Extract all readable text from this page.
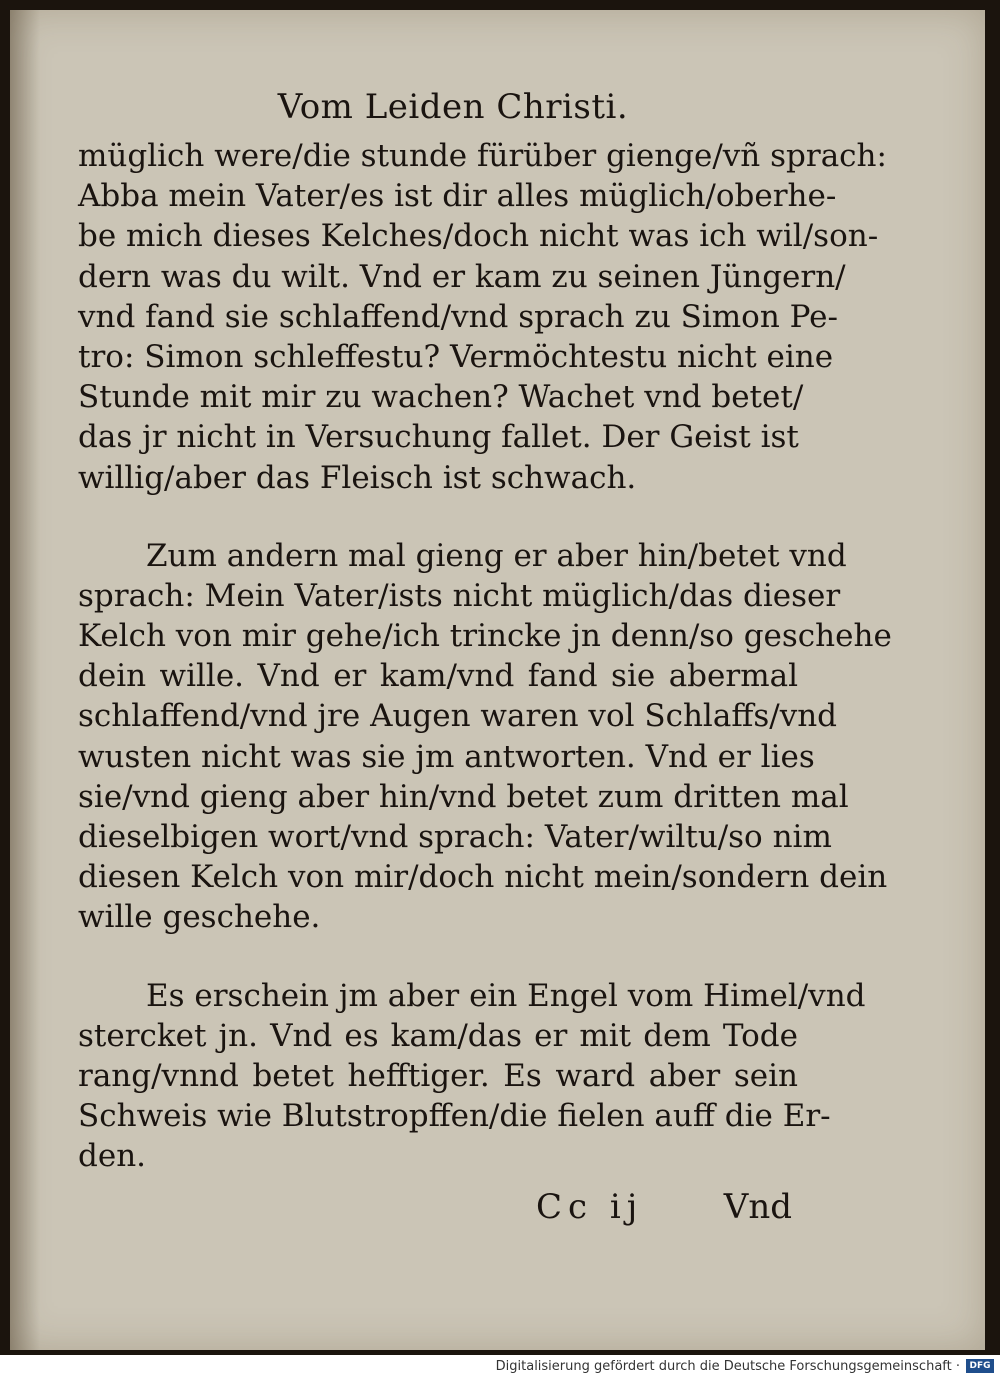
Vom Leiden Christi.
müglich were/die stunde fürüber gienge/vñ sprach:
Abba mein Vater/es ist dir alles müglich/oberhe-
be mich dieses Kelches/doch nicht was ich wil/son-
dern was du wilt. Vnd er kam zu seinen Jüngern/
vnd fand sie schlaffend/vnd sprach zu Simon Pe-
tro: Simon schleffestu? Vermöchtestu nicht eine
Stunde mit mir zu wachen? Wachet vnd betet/
das jr nicht in Versuchung fallet. Der Geist ist
willig/aber das Fleisch ist schwach.
Zum andern mal gieng er aber hin/betet vnd
sprach: Mein Vater/ists nicht müglich/das dieser
Kelch von mir gehe/ich trincke jn denn/so geschehe
dein wille. Vnd er kam/vnd fand sie abermal
schlaffend/vnd jre Augen waren vol Schlaffs/vnd
wusten nicht was sie jm antworten. Vnd er lies
sie/vnd gieng aber hin/vnd betet zum dritten mal
dieselbigen wort/vnd sprach: Vater/wiltu/so nim
diesen Kelch von mir/doch nicht mein/sondern dein
wille geschehe.
Es erschein jm aber ein Engel vom Himel/vnd
stercket jn. Vnd es kam/das er mit dem Tode
rang/vnnd betet hefftiger. Es ward aber sein
Schweis wie Blutstropffen/die fielen auff die Er-
den.
Cc ij Vnd
Digitalisierung gefördert durch die Deutsche Forschungsgemeinschaft ·	DFG
